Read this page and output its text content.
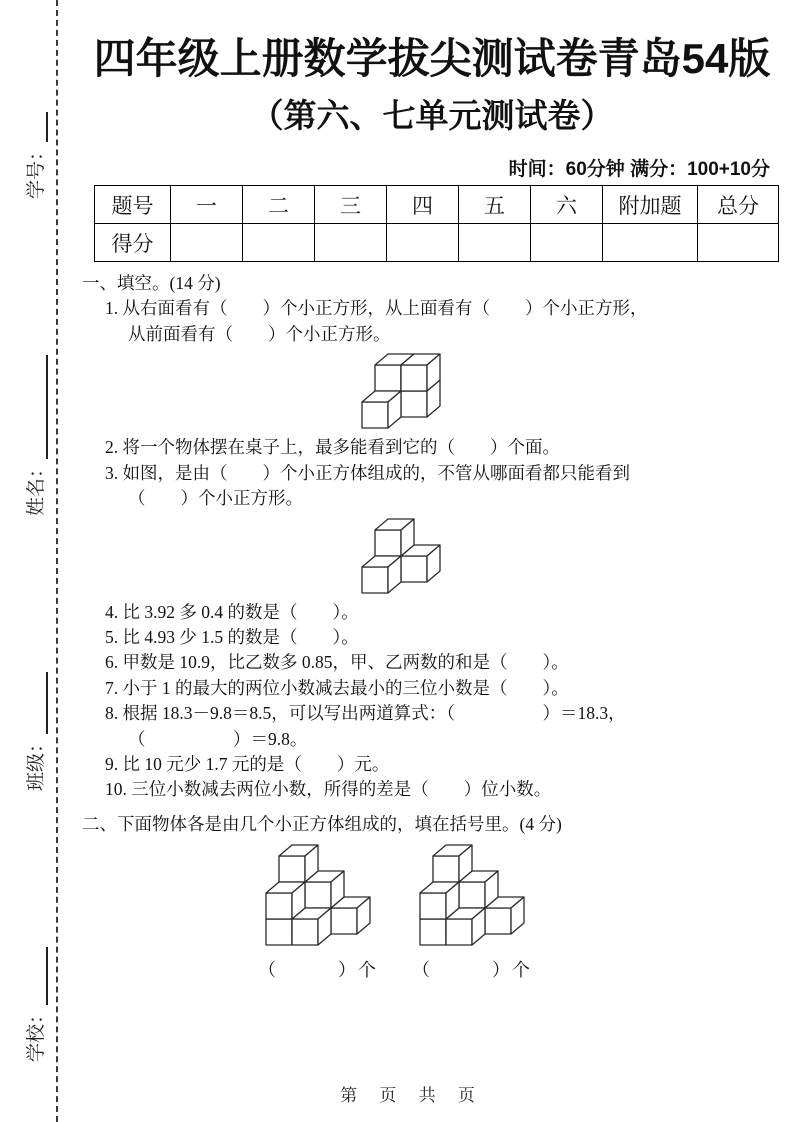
学校：
班级：
姓名：
学号：
四年级上册数学拔尖测试卷青岛54版
（第六、七单元测试卷）
时间：60分钟 满分：100+10分
题号	一	二	三	四	五	六	附加题	总分
得分								
一、填空。(14 分)
1. 从右面看有（　　）个小正方形，从上面看有（　　）个小正方形，
从前面看有（　　）个小正方形。
2. 将一个物体摆在桌子上，最多能看到它的（　　）个面。
3. 如图，是由（　　）个小正方体组成的，不管从哪面看都只能看到
（　　）个小正方形。
4. 比 3.92 多 0.4 的数是（　　）。
5. 比 4.93 少 1.5 的数是（　　）。
6. 甲数是 10.9，比乙数多 0.85，甲、乙两数的和是（　　）。
7. 小于 1 的最大的两位小数减去最小的三位小数是（　　）。
8. 根据 18.3－9.8＝8.5，可以写出两道算式：（　　　　　）＝18.3，
（　　　　　）＝9.8。
9. 比 10 元少 1.7 元的是（　　）元。
10. 三位小数减去两位小数，所得的差是（　　）位小数。
二、下面物体各是由几个小正方体组成的，填在括号里。(4 分)
（　　　）个 （　　　）个
第 页 共 页
